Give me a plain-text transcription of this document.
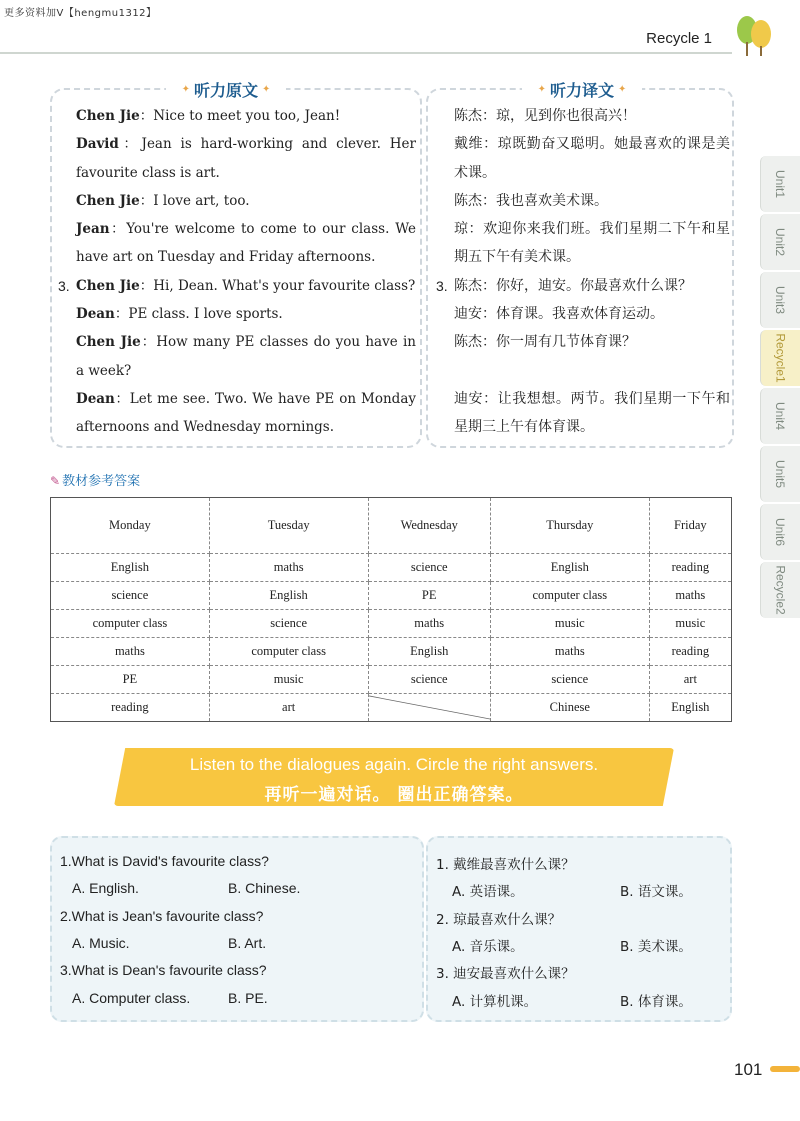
更多资料加V【hengmu1312】
Recycle 1
Unit1
Unit2
Unit3
Recycle1
Unit4
Unit5
Unit6
Recycle2
✦ 听力原文 ✦	✦ 听力译文 ✦
Chen Jie：Nice to meet you too, Jean!
David：Jean is hard-working and clever. Her favourite class is art.
Chen Jie：I love art, too.
Jean：You're welcome to come to our class. We have art on Tuesday and Friday afternoons.
3. Chen Jie：Hi, Dean. What's your favourite class?
Dean：PE class. I love sports.
Chen Jie：How many PE classes do you have in a week?
Dean：Let me see. Two. We have PE on Monday afternoons and Wednesday mornings.
陈杰：琼，见到你也很高兴！
戴维：琼既勤奋又聪明。她最喜欢的课是美术课。
陈杰：我也喜欢美术课。
琼：欢迎你来我们班。我们星期二下午和星期五下午有美术课。
3. 陈杰：你好，迪安。你最喜欢什么课？
迪安：体育课。我喜欢体育运动。
陈杰：你一周有几节体育课？
迪安：让我想想。两节。我们星期一下午和星期三上午有体育课。
✎ 教材参考答案
Monday	Tuesday	Wednesday	Thursday	Friday
English	maths	science	English	reading
science	English	PE	computer class	maths
computer class	science	maths	music	music
maths	computer class	English	maths	reading
PE	music	science	science	art
reading	art		Chinese	English
Listen to the dialogues again. Circle the right answers.
再听一遍对话。 圈出正确答案。
1.What is David's favourite class?
A. English.	B. Chinese.
2.What is Jean's favourite class?
A. Music.	B. Art.
3.What is Dean's favourite class?
A. Computer class.	B. PE.
1. 戴维最喜欢什么课？
A. 英语课。	B. 语文课。
2. 琼最喜欢什么课？
A. 音乐课。	B. 美术课。
3. 迪安最喜欢什么课？
A. 计算机课。	B. 体育课。
101
